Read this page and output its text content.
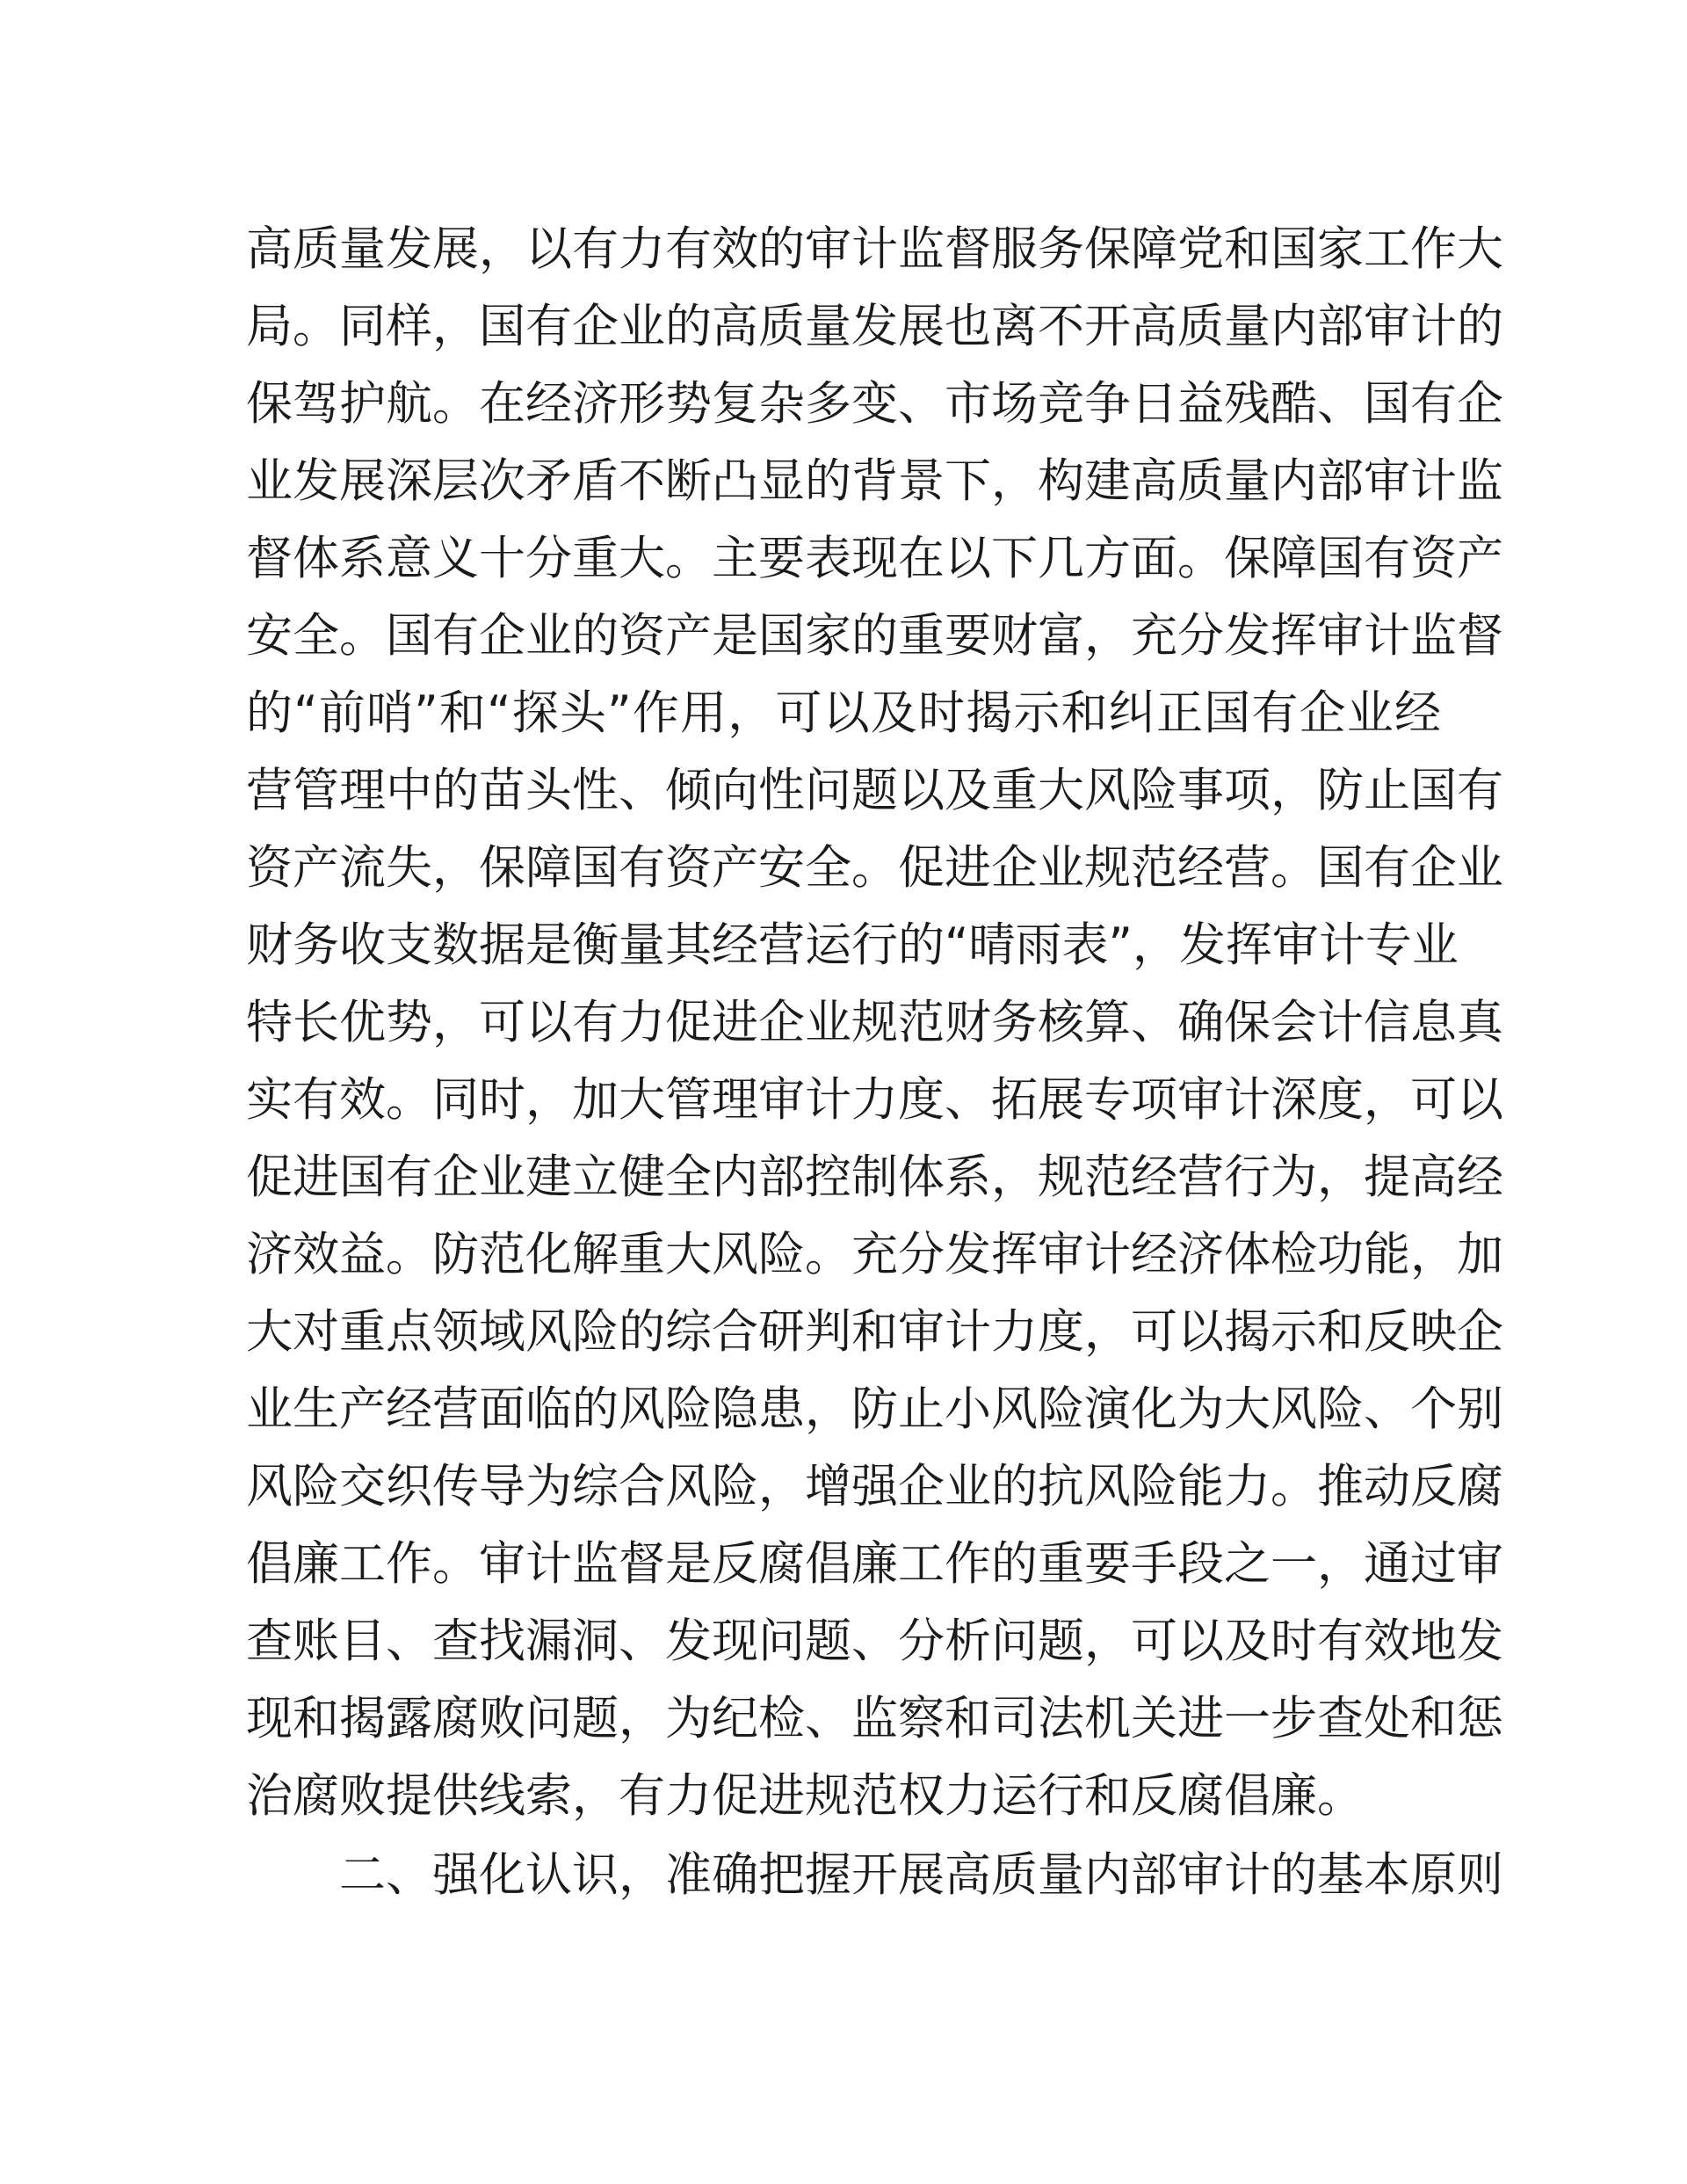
高质量发展，以有力有效的审计监督服务保障党和国家工作大
局。同样，国有企业的高质量发展也离不开高质量内部审计的
保驾护航。在经济形势复杂多变、市场竞争日益残酷、国有企
业发展深层次矛盾不断凸显的背景下，构建高质量内部审计监
督体系意义十分重大。主要表现在以下几方面。保障国有资产
安全。国有企业的资产是国家的重要财富，充分发挥审计监督
的“前哨”和“探头”作用，可以及时揭示和纠正国有企业经
营管理中的苗头性、倾向性问题以及重大风险事项，防止国有
资产流失，保障国有资产安全。促进企业规范经营。国有企业
财务收支数据是衡量其经营运行的“晴雨表”，发挥审计专业
特长优势，可以有力促进企业规范财务核算、确保会计信息真
实有效。同时，加大管理审计力度、拓展专项审计深度，可以
促进国有企业建立健全内部控制体系，规范经营行为，提高经
济效益。防范化解重大风险。充分发挥审计经济体检功能，加
大对重点领域风险的综合研判和审计力度，可以揭示和反映企
业生产经营面临的风险隐患，防止小风险演化为大风险、个别
风险交织传导为综合风险，增强企业的抗风险能力。推动反腐
倡廉工作。审计监督是反腐倡廉工作的重要手段之一，通过审
查账目、查找漏洞、发现问题、分析问题，可以及时有效地发
现和揭露腐败问题，为纪检、监察和司法机关进一步查处和惩
治腐败提供线索，有力促进规范权力运行和反腐倡廉。
二、强化认识，准确把握开展高质量内部审计的基本原则
